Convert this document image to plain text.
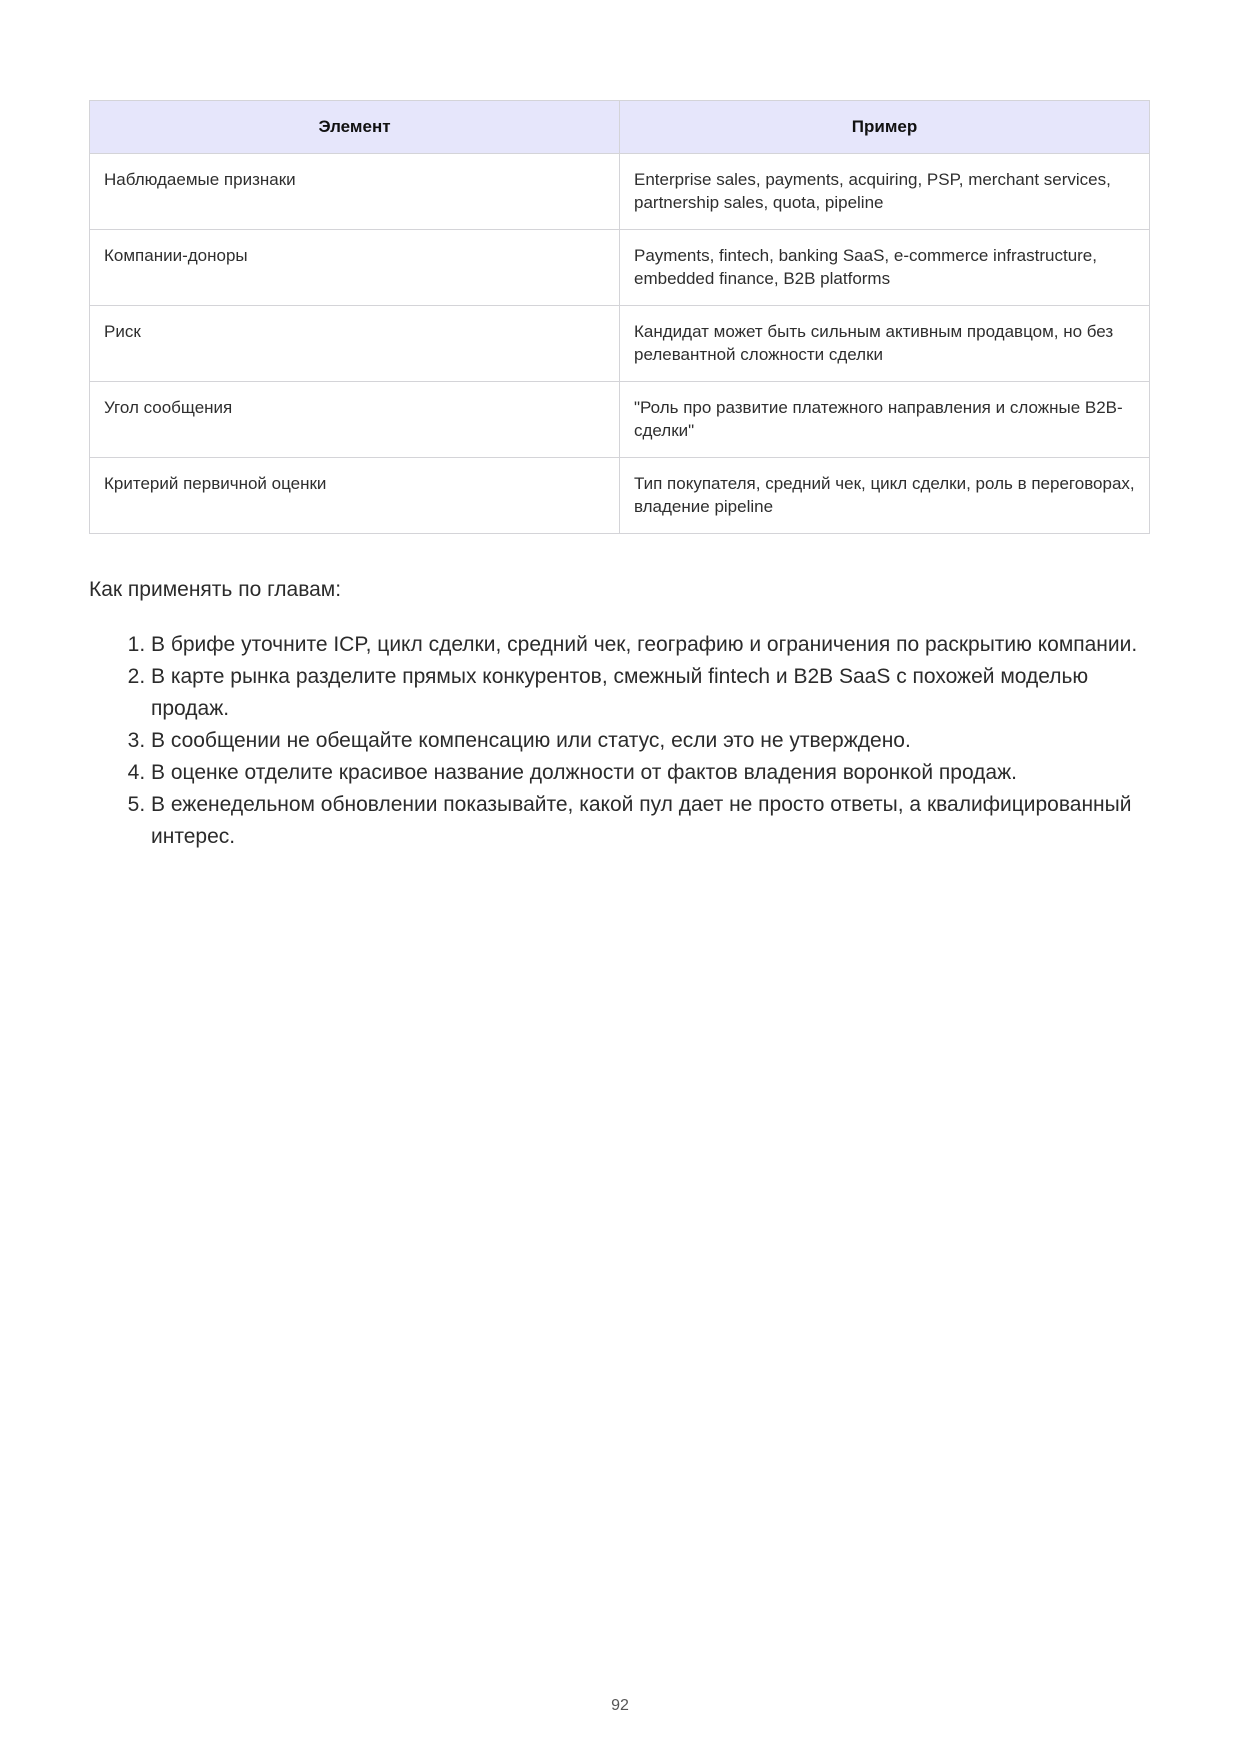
Элемент	Пример
Наблюдаемые признаки	Enterprise sales, payments, acquiring, PSP, merchant services, partnership sales, quota, pipeline
Компании-доноры	Payments, fintech, banking SaaS, e-commerce infrastructure, embedded finance, B2B platforms
Риск	Кандидат может быть сильным активным продавцом, но без релевантной сложности сделки
Угол сообщения	"Роль про развитие платежного направления и сложные B2B-сделки"
Критерий первичной оценки	Тип покупателя, средний чек, цикл сделки, роль в переговорах, владение pipeline

Как применять по главам:

1. В брифе уточните ICP, цикл сделки, средний чек, географию и ограничения по раскрытию компании.
2. В карте рынка разделите прямых конкурентов, смежный fintech и B2B SaaS с похожей моделью продаж.
3. В сообщении не обещайте компенсацию или статус, если это не утверждено.
4. В оценке отделите красивое название должности от фактов владения воронкой продаж.
5. В еженедельном обновлении показывайте, какой пул дает не просто ответы, а квалифицированный интерес.
92
